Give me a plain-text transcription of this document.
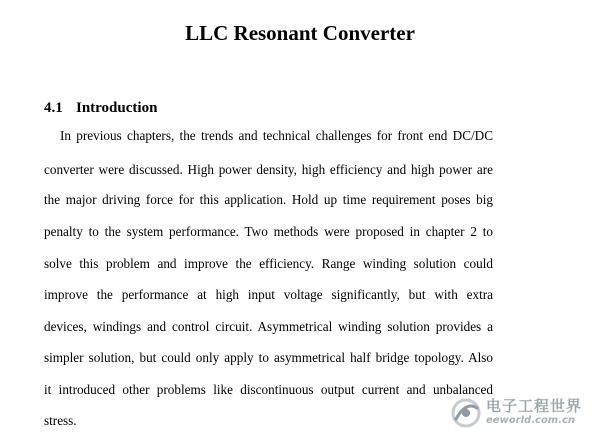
LLC Resonant Converter
4.1 Introduction
In previous chapters, the trends and technical challenges for front end DC/DC
converter were discussed. High power density, high efficiency and high power are
the major driving force for this application. Hold up time requirement poses big
penalty to the system performance. Two methods were proposed in chapter 2 to
solve this problem and improve the efficiency. Range winding solution could
improve the performance at high input voltage significantly, but with extra
devices, windings and control circuit. Asymmetrical winding solution provides a
simpler solution, but could only apply to asymmetrical half bridge topology. Also
it introduced other problems like discontinuous output current and unbalanced
stress.
电子工程世界
eeworld.com.cn
